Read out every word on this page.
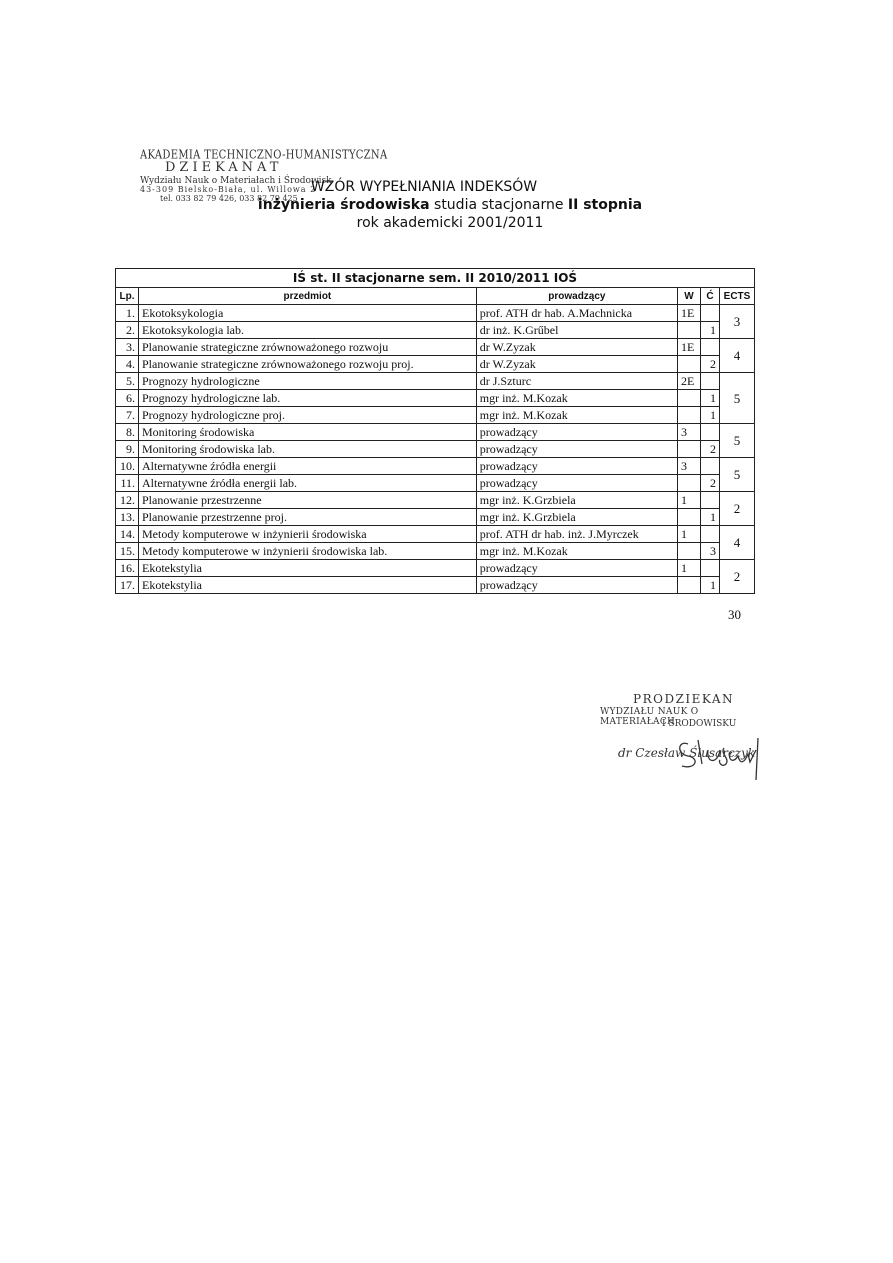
AKADEMIA TECHNICZNO-HUMANISTYCZNA
DZIEKANAT
Wydziału Nauk o Materiałach i Środowisk
43-309 Bielsko-Biała, ul. Willowa 2
tel. 033 82 79 426, 033 82 79 425
WZÓR WYPEŁNIANIA INDEKSÓW
inżynieria środowiska studia stacjonarne II stopnia
rok akademicki 2001/2011
IŚ st. II stacjonarne sem. II 2010/2011 IOŚ					
Lp.	przedmiot	prowadzący	W	Ć	ECTS
1.	Ekotoksykologia	prof. ATH dr hab. A.Machnicka	1E		3
2.	Ekotoksykologia lab.	dr inż. K.Grűbel		1	
3.	Planowanie strategiczne zrównoważonego rozwoju	dr W.Zyzak	1E		4
4.	Planowanie strategiczne zrównoważonego rozwoju proj.	dr W.Zyzak		2	
5.	Prognozy hydrologiczne	dr J.Szturc	2E		5
6.	Prognozy hydrologiczne lab.	mgr inż. M.Kozak		1	
7.	Prognozy hydrologiczne proj.	mgr inż. M.Kozak		1	
8.	Monitoring środowiska	prowadzący	3		5
9.	Monitoring środowiska lab.	prowadzący		2	
10.	Alternatywne źródła energii	prowadzący	3		5
11.	Alternatywne źródła energii lab.	prowadzący		2	
12.	Planowanie przestrzenne	mgr inż. K.Grzbiela	1		2
13.	Planowanie przestrzenne proj.	mgr inż. K.Grzbiela		1	
14.	Metody komputerowe w inżynierii środowiska	prof. ATH dr hab. inż. J.Myrczek	1		4
15.	Metody komputerowe w inżynierii środowiska lab.	mgr inż. M.Kozak		3	
16.	Ekotekstylia	prowadzący	1		2
17.	Ekotekstylia	prowadzący		1	
30
PRODZIEKAN
WYDZIAŁU NAUK O MATERIAŁACH
I ŚRODOWISKU
dr Czesław Ślusarczyk
